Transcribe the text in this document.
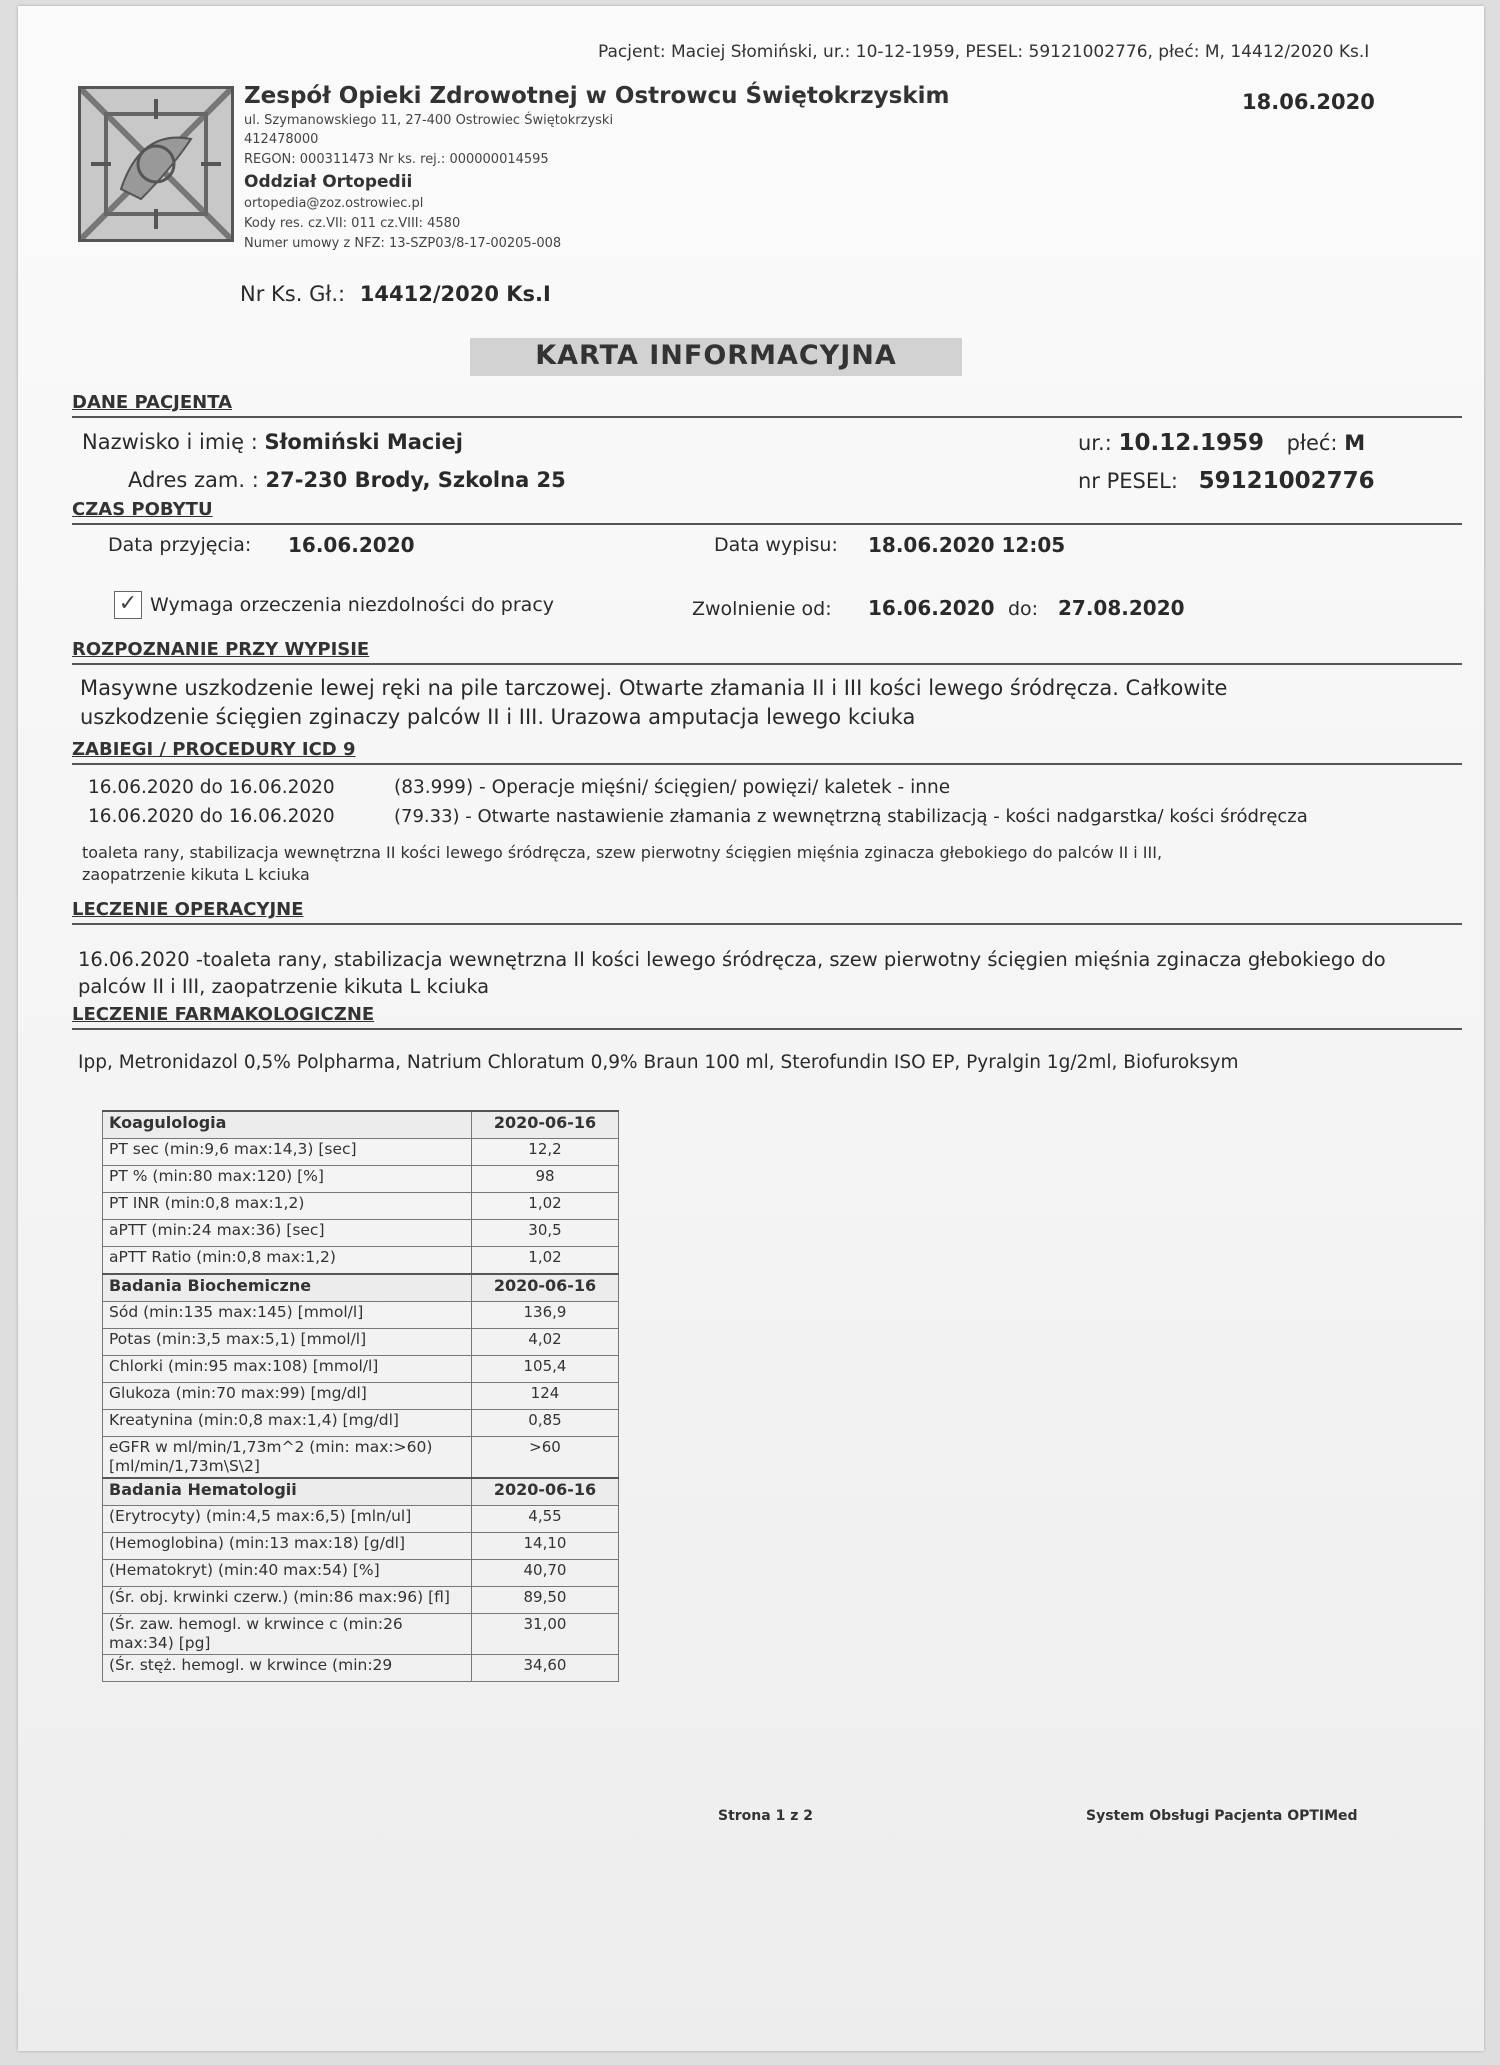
Pacjent: Maciej Słomiński, ur.: 10-12-1959, PESEL: 59121002776, płeć: M, 14412/2020 Ks.I
Zespół Opieki Zdrowotnej w Ostrowcu Świętokrzyskim
ul. Szymanowskiego 11, 27-400 Ostrowiec Świętokrzyski
412478000
REGON: 000311473 Nr ks. rej.: 000000014595
Oddział Ortopedii
ortopedia@zoz.ostrowiec.pl
Kody res. cz.VII: 011 cz.VIII: 4580
Numer umowy z NFZ: 13-SZP03/8-17-00205-008
18.06.2020
Nr Ks. Gł.: 14412/2020 Ks.I
KARTA INFORMACYJNA
DANE PACJENTA
Nazwisko i imię : Słomiński Maciej	ur.: 10.12.1959 płeć: M
Adres zam. : 27-230 Brody, Szkolna 25	nr PESEL: 59121002776
CZAS POBYTU
Data przyjęcia: 16.06.2020	Data wypisu: 18.06.2020 12:05
✓ Wymaga orzeczenia niezdolności do pracy	Zwolnienie od: 16.06.2020 do: 27.08.2020
ROZPOZNANIE PRZY WYPISIE
Masywne uszkodzenie lewej ręki na pile tarczowej. Otwarte złamania II i III kości lewego śródręcza. Całkowite
uszkodzenie ścięgien zginaczy palców II i III. Urazowa amputacja lewego kciuka
ZABIEGI / PROCEDURY ICD 9
16.06.2020 do 16.06.2020	(83.999) - Operacje mięśni/ ścięgien/ powięzi/ kaletek - inne
16.06.2020 do 16.06.2020	(79.33) - Otwarte nastawienie złamania z wewnętrzną stabilizacją - kości nadgarstka/ kości śródręcza
toaleta rany, stabilizacja wewnętrzna II kości lewego śródręcza, szew pierwotny ścięgien mięśnia zginacza głebokiego do palców II i III,
zaopatrzenie kikuta L kciuka
LECZENIE OPERACYJNE
16.06.2020 -toaleta rany, stabilizacja wewnętrzna II kości lewego śródręcza, szew pierwotny ścięgien mięśnia zginacza głebokiego do
palców II i III, zaopatrzenie kikuta L kciuka
LECZENIE FARMAKOLOGICZNE
Ipp, Metronidazol 0,5% Polpharma, Natrium Chloratum 0,9% Braun 100 ml, Sterofundin ISO EP, Pyralgin 1g/2ml, Biofuroksym
Koagulologia	2020-06-16
PT sec (min:9,6 max:14,3) [sec]	12,2
PT % (min:80 max:120) [%]	98
PT INR (min:0,8 max:1,2)	1,02
aPTT (min:24 max:36) [sec]	30,5
aPTT Ratio (min:0,8 max:1,2)	1,02
Badania Biochemiczne	2020-06-16
Sód (min:135 max:145) [mmol/l]	136,9
Potas (min:3,5 max:5,1) [mmol/l]	4,02
Chlorki (min:95 max:108) [mmol/l]	105,4
Glukoza (min:70 max:99) [mg/dl]	124
Kreatynina (min:0,8 max:1,4) [mg/dl]	0,85
eGFR w ml/min/1,73m^2 (min: max:>60) [ml/min/1,73m\S\2]	>60
Badania Hematologii	2020-06-16
(Erytrocyty) (min:4,5 max:6,5) [mln/ul]	4,55
(Hemoglobina) (min:13 max:18) [g/dl]	14,10
(Hematokryt) (min:40 max:54) [%]	40,70
(Śr. obj. krwinki czerw.) (min:86 max:96) [fl]	89,50
(Śr. zaw. hemogl. w krwince c (min:26 max:34) [pg]	31,00
(Śr. stęż. hemogl. w krwince (min:29	34,60
Strona 1 z 2	System Obsługi Pacjenta OPTIMed
